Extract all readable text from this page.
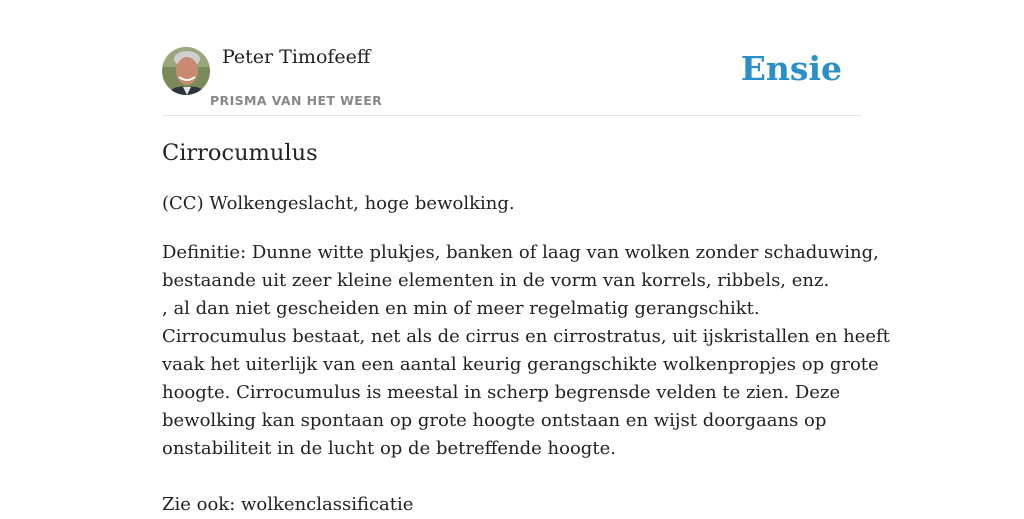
Peter Timofeeff
PRISMA VAN HET WEER
Ensie
Cirrocumulus
(CC) Wolkengeslacht, hoge bewolking.

Definitie: Dunne witte plukjes, banken of laag van wolken zonder schaduwing,

bestaande uit zeer kleine elementen in de vorm van korrels, ribbels, enz.

, al dan niet gescheiden en min of meer regelmatig gerangschikt.

Cirrocumulus bestaat, net als de cirrus en cirrostratus, uit ijskristallen en heeft

vaak het uiterlijk van een aantal keurig gerangschikte wolkenpropjes op grote

hoogte. Cirrocumulus is meestal in scherp begrensde velden te zien. Deze

bewolking kan spontaan op grote hoogte ontstaan en wijst doorgaans op

onstabiliteit in de lucht op de betreffende hoogte.

Zie ook: wolkenclassificatie
